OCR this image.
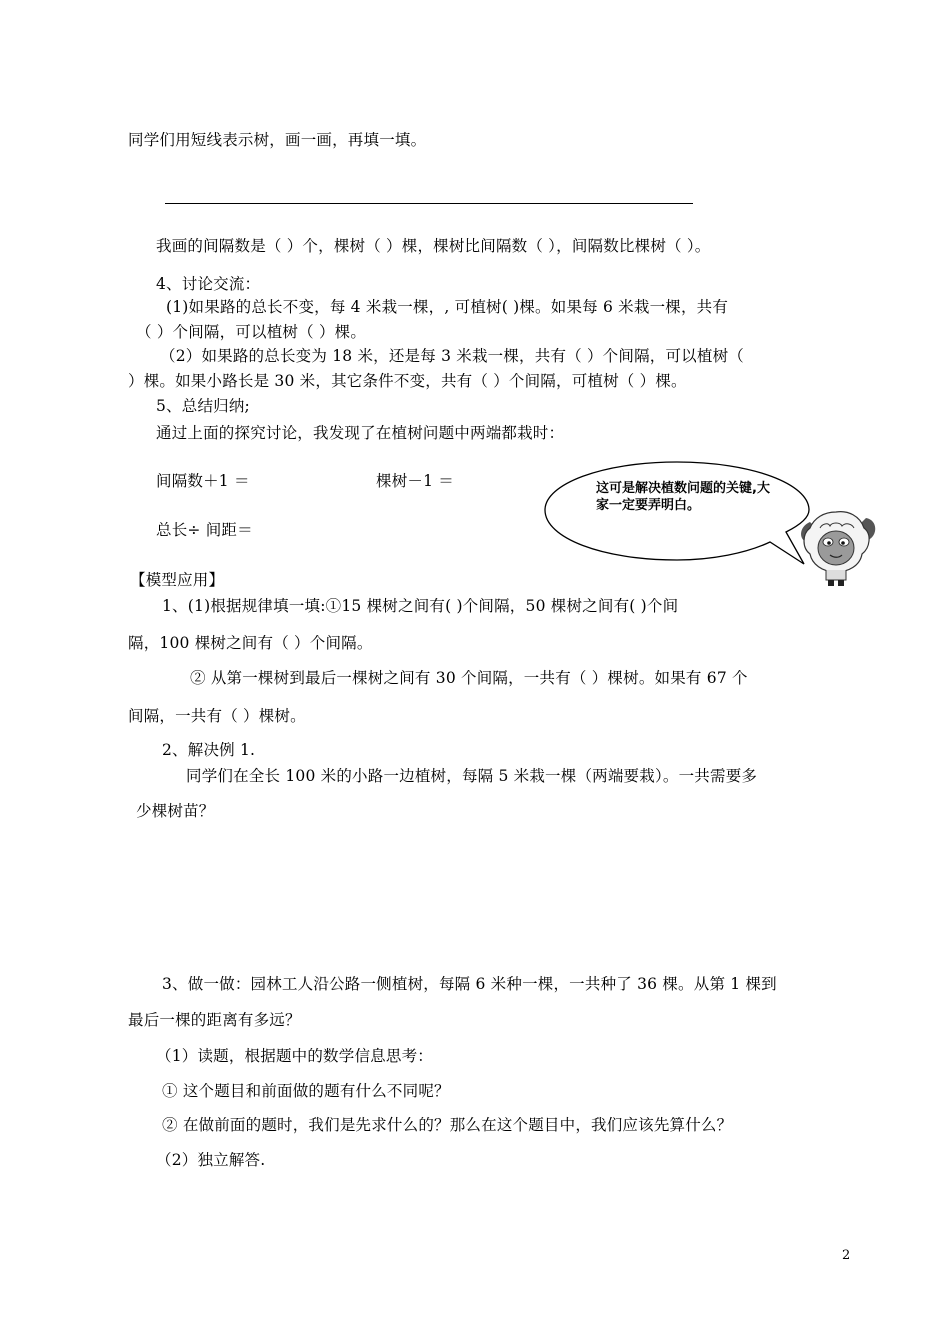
同学们用短线表示树，画一画，再填一填。
我画的间隔数是（ ）个，棵树（ ）棵，棵树比间隔数（ ），间隔数比棵树（ ）。
4、讨论交流：
(1)如果路的总长不变，每 4 米栽一棵，, 可植树( )棵。如果每 6 米栽一棵，共有
（ ）个间隔，可以植树（ ）棵。
（2）如果路的总长变为 18 米，还是每 3 米栽一棵，共有（ ）个间隔，可以植树（
）棵。如果小路长是 30 米，其它条件不变，共有（ ）个间隔，可植树（ ）棵。
5、总结归纳;
通过上面的探究讨论，我发现了在植树问题中两端都栽时：
间隔数＋1 ＝	棵树－1 ＝
总长÷ 间距＝
这可是解决植数问题的关键,大家一定要弄明白。
【模型应用】
1、(1)根据规律填一填:①15 棵树之间有( )个间隔，50 棵树之间有( )个间
隔，100 棵树之间有（ ）个间隔。
② 从第一棵树到最后一棵树之间有 30 个间隔，一共有（ ）棵树。如果有 67 个
间隔，一共有（ ）棵树。
2、解决例 1.
同学们在全长 100 米的小路一边植树，每隔 5 米栽一棵（两端要栽）。一共需要多
少棵树苗？
3、做一做：园林工人沿公路一侧植树，每隔 6 米种一棵，一共种了 36 棵。从第 1 棵到
最后一棵的距离有多远？
（1）读题，根据题中的数学信息思考：
① 这个题目和前面做的题有什么不同呢？
② 在做前面的题时，我们是先求什么的？那么在这个题目中，我们应该先算什么？
（2）独立解答.
2
